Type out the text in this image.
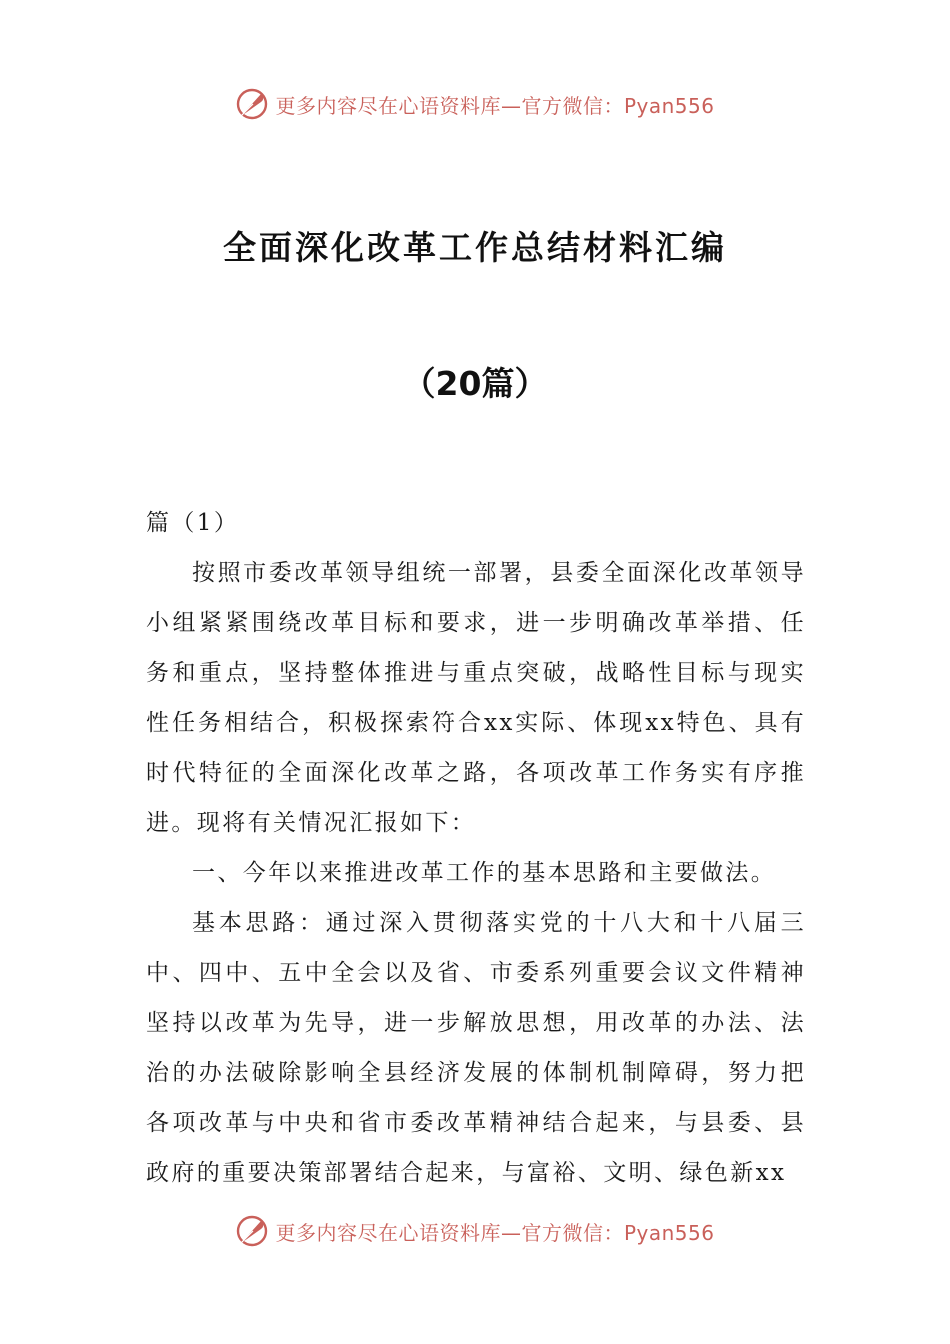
更多内容尽在心语资料库—官方微信：Pyan556
全面深化改革工作总结材料汇编
（20篇）

篇（1）

按照市委改革领导组统一部署，县委全面深化改革领导小组紧紧围绕改革目标和要求，进一步明确改革举措、任务和重点，坚持整体推进与重点突破，战略性目标与现实性任务相结合，积极探索符合xx实际、体现xx特色、具有时代特征的全面深化改革之路，各项改革工作务实有序推进。现将有关情况汇报如下：

一、今年以来推进改革工作的基本思路和主要做法。

基本思路：通过深入贯彻落实党的十八大和十八届三中、四中、五中全会以及省、市委系列重要会议文件精神坚持以改革为先导，进一步解放思想，用改革的办法、法治的办法破除影响全县经济发展的体制机制障碍，努力把各项改革与中央和省市委改革精神结合起来，与县委、县政府的重要决策部署结合起来，与富裕、文明、绿色新xx

更多内容尽在心语资料库—官方微信：Pyan556
